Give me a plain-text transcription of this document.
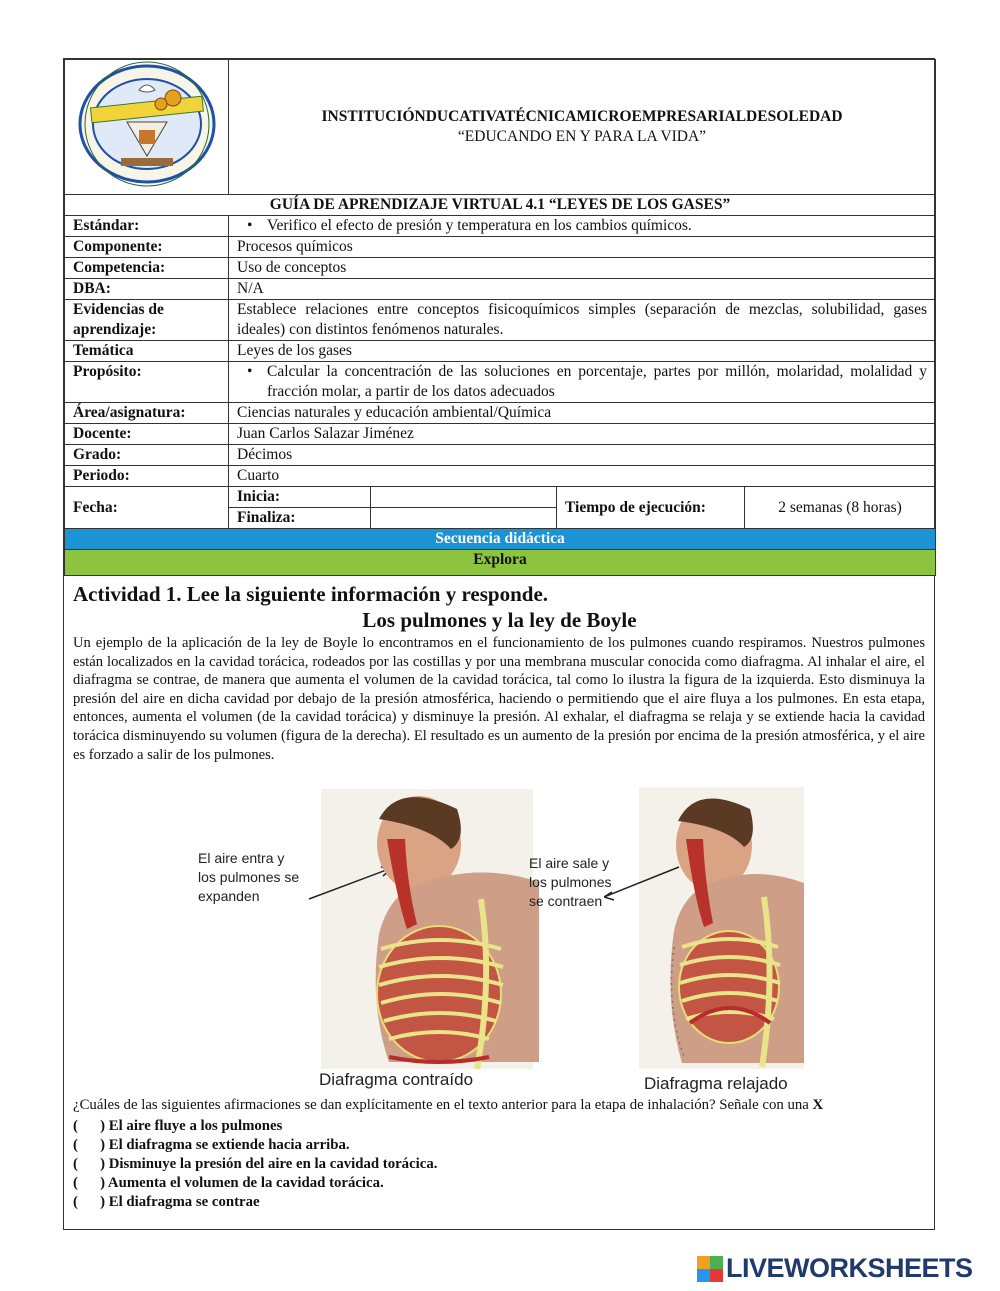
INSTITUCIÓNDUCATIVATÉCNICAMICROEMPRESARIALDESOLEDAD
“EDUCANDO EN Y PARA LA VIDA”			

GUÍA DE APRENDIZAJE VIRTUAL 4.1 “LEYES DE LOS GASES”				
Estándar:	• Verifico el efecto de presión y temperatura en los cambios químicos.

Componente:	Procesos químicos			
Competencia:	Uso de conceptos			
DBA:	N/A			
Evidencias de aprendizaje:	Establece relaciones entre conceptos fisicoquímicos simples (separación de mezclas, solubilidad, gases ideales) con distintos fenómenos naturales.			
Temática	Leyes de los gases			
Propósito:	• Calcular la concentración de las soluciones en porcentaje, partes por millón, molaridad, molalidad y fracción molar, a partir de los datos adecuados

Área/asignatura:	Ciencias naturales y educación ambiental/Química			
Docente:	Juan Carlos Salazar Jiménez			
Grado:	Décimos			
Periodo:	Cuarto			
Fecha:	Inicia:		Tiempo de ejecución:	2 semanas (8 horas)
	Finaliza:			
Secuencia didáctica				
Explora				
Actividad 1. Lee la siguiente información y responde.
Los pulmones y la ley de Boyle
Un ejemplo de la aplicación de la ley de Boyle lo encontramos en el funcionamiento de los pulmones cuando respiramos. Nuestros pulmones están localizados en la cavidad torácica, rodeados por las costillas y por una membrana muscular conocida como diafragma. Al inhalar el aire, el diafragma se contrae, de manera que aumenta el volumen de la cavidad torácica, tal como lo ilustra la figura de la izquierda. Esto disminuya la presión del aire en dicha cavidad por debajo de la presión atmosférica, haciendo o permitiendo que el aire fluya a los pulmones. En esta etapa, entonces, aumenta el volumen (de la cavidad torácica) y disminuye la presión. Al exhalar, el diafragma se relaja y se extiende hacia la cavidad torácica disminuyendo su volumen (figura de la derecha). El resultado es un aumento de la presión por encima de la presión atmosférica, y el aire es forzado a salir de los pulmones.
El aire entra y
los pulmones se
expanden
Diafragma contraído
El aire sale y
los pulmones
se contraen
Diafragma relajado
¿Cuáles de las siguientes afirmaciones se dan explícitamente en el texto anterior para la etapa de inhalación? Señale con una X
(      ) El aire fluye a los pulmones
(      ) El diafragma se extiende hacia arriba.
(      ) Disminuye la presión del aire en la cavidad torácica.
(      ) Aumenta el volumen de la cavidad torácica.
(      ) El diafragma se contrae
LIVEWORKSHEETS
